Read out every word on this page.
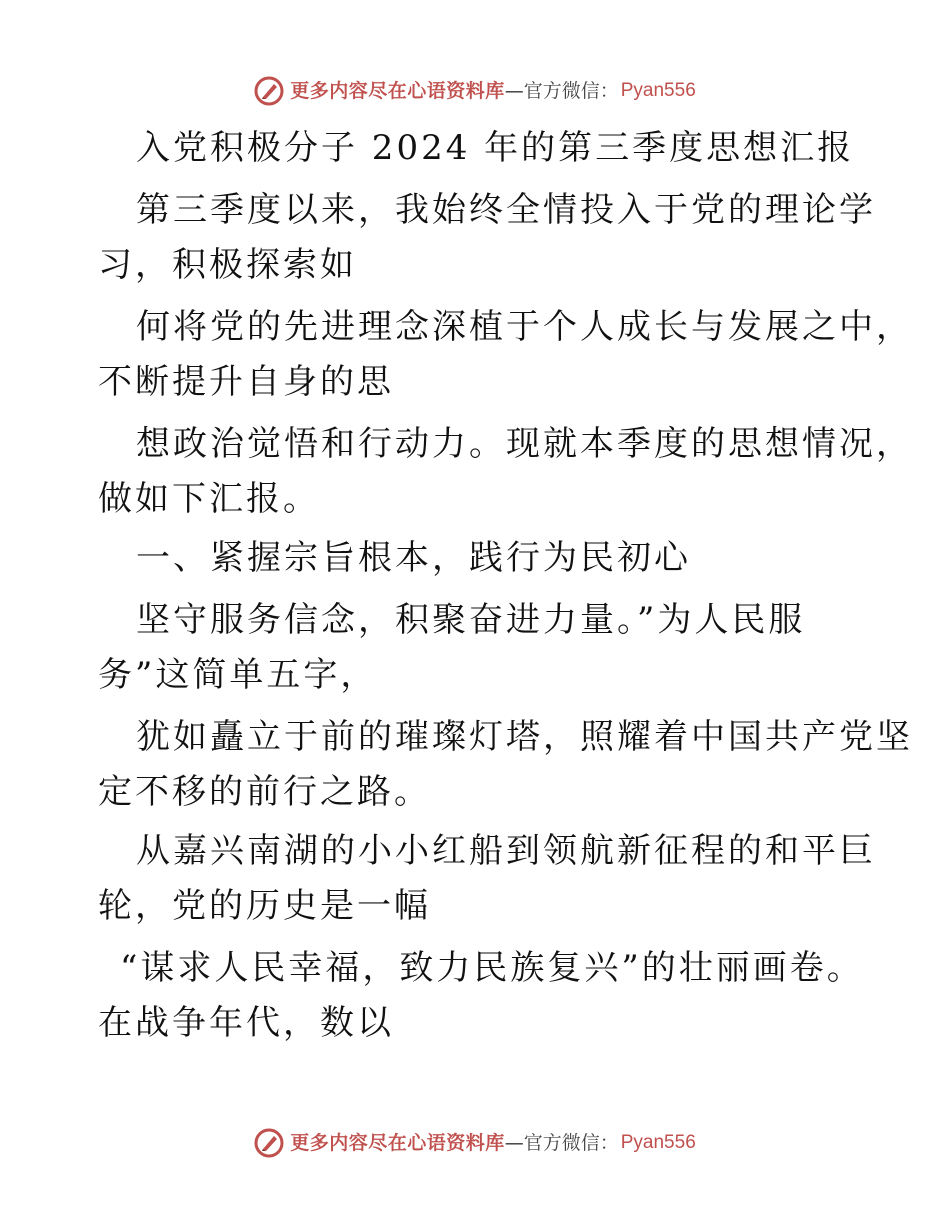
更多内容尽在心语资料库 — 官方微信： Pyan556
入党积极分子 2024 年的第三季度思想汇报
第三季度以来，我始终全情投入于党的理论学
习，积极探索如
何将党的先进理念深植于个人成长与发展之中，
不断提升自身的思
想政治觉悟和行动力。现就本季度的思想情况，
做如下汇报。
一、紧握宗旨根本，践行为民初心
坚守服务信念，积聚奋进力量。”为人民服
务”这简单五字，
犹如矗立于前的璀璨灯塔，照耀着中国共产党坚
定不移的前行之路。
从嘉兴南湖的小小红船到领航新征程的和平巨
轮，党的历史是一幅
“谋求人民幸福，致力民族复兴”的壮丽画卷。
在战争年代，数以
更多内容尽在心语资料库 — 官方微信： Pyan556
